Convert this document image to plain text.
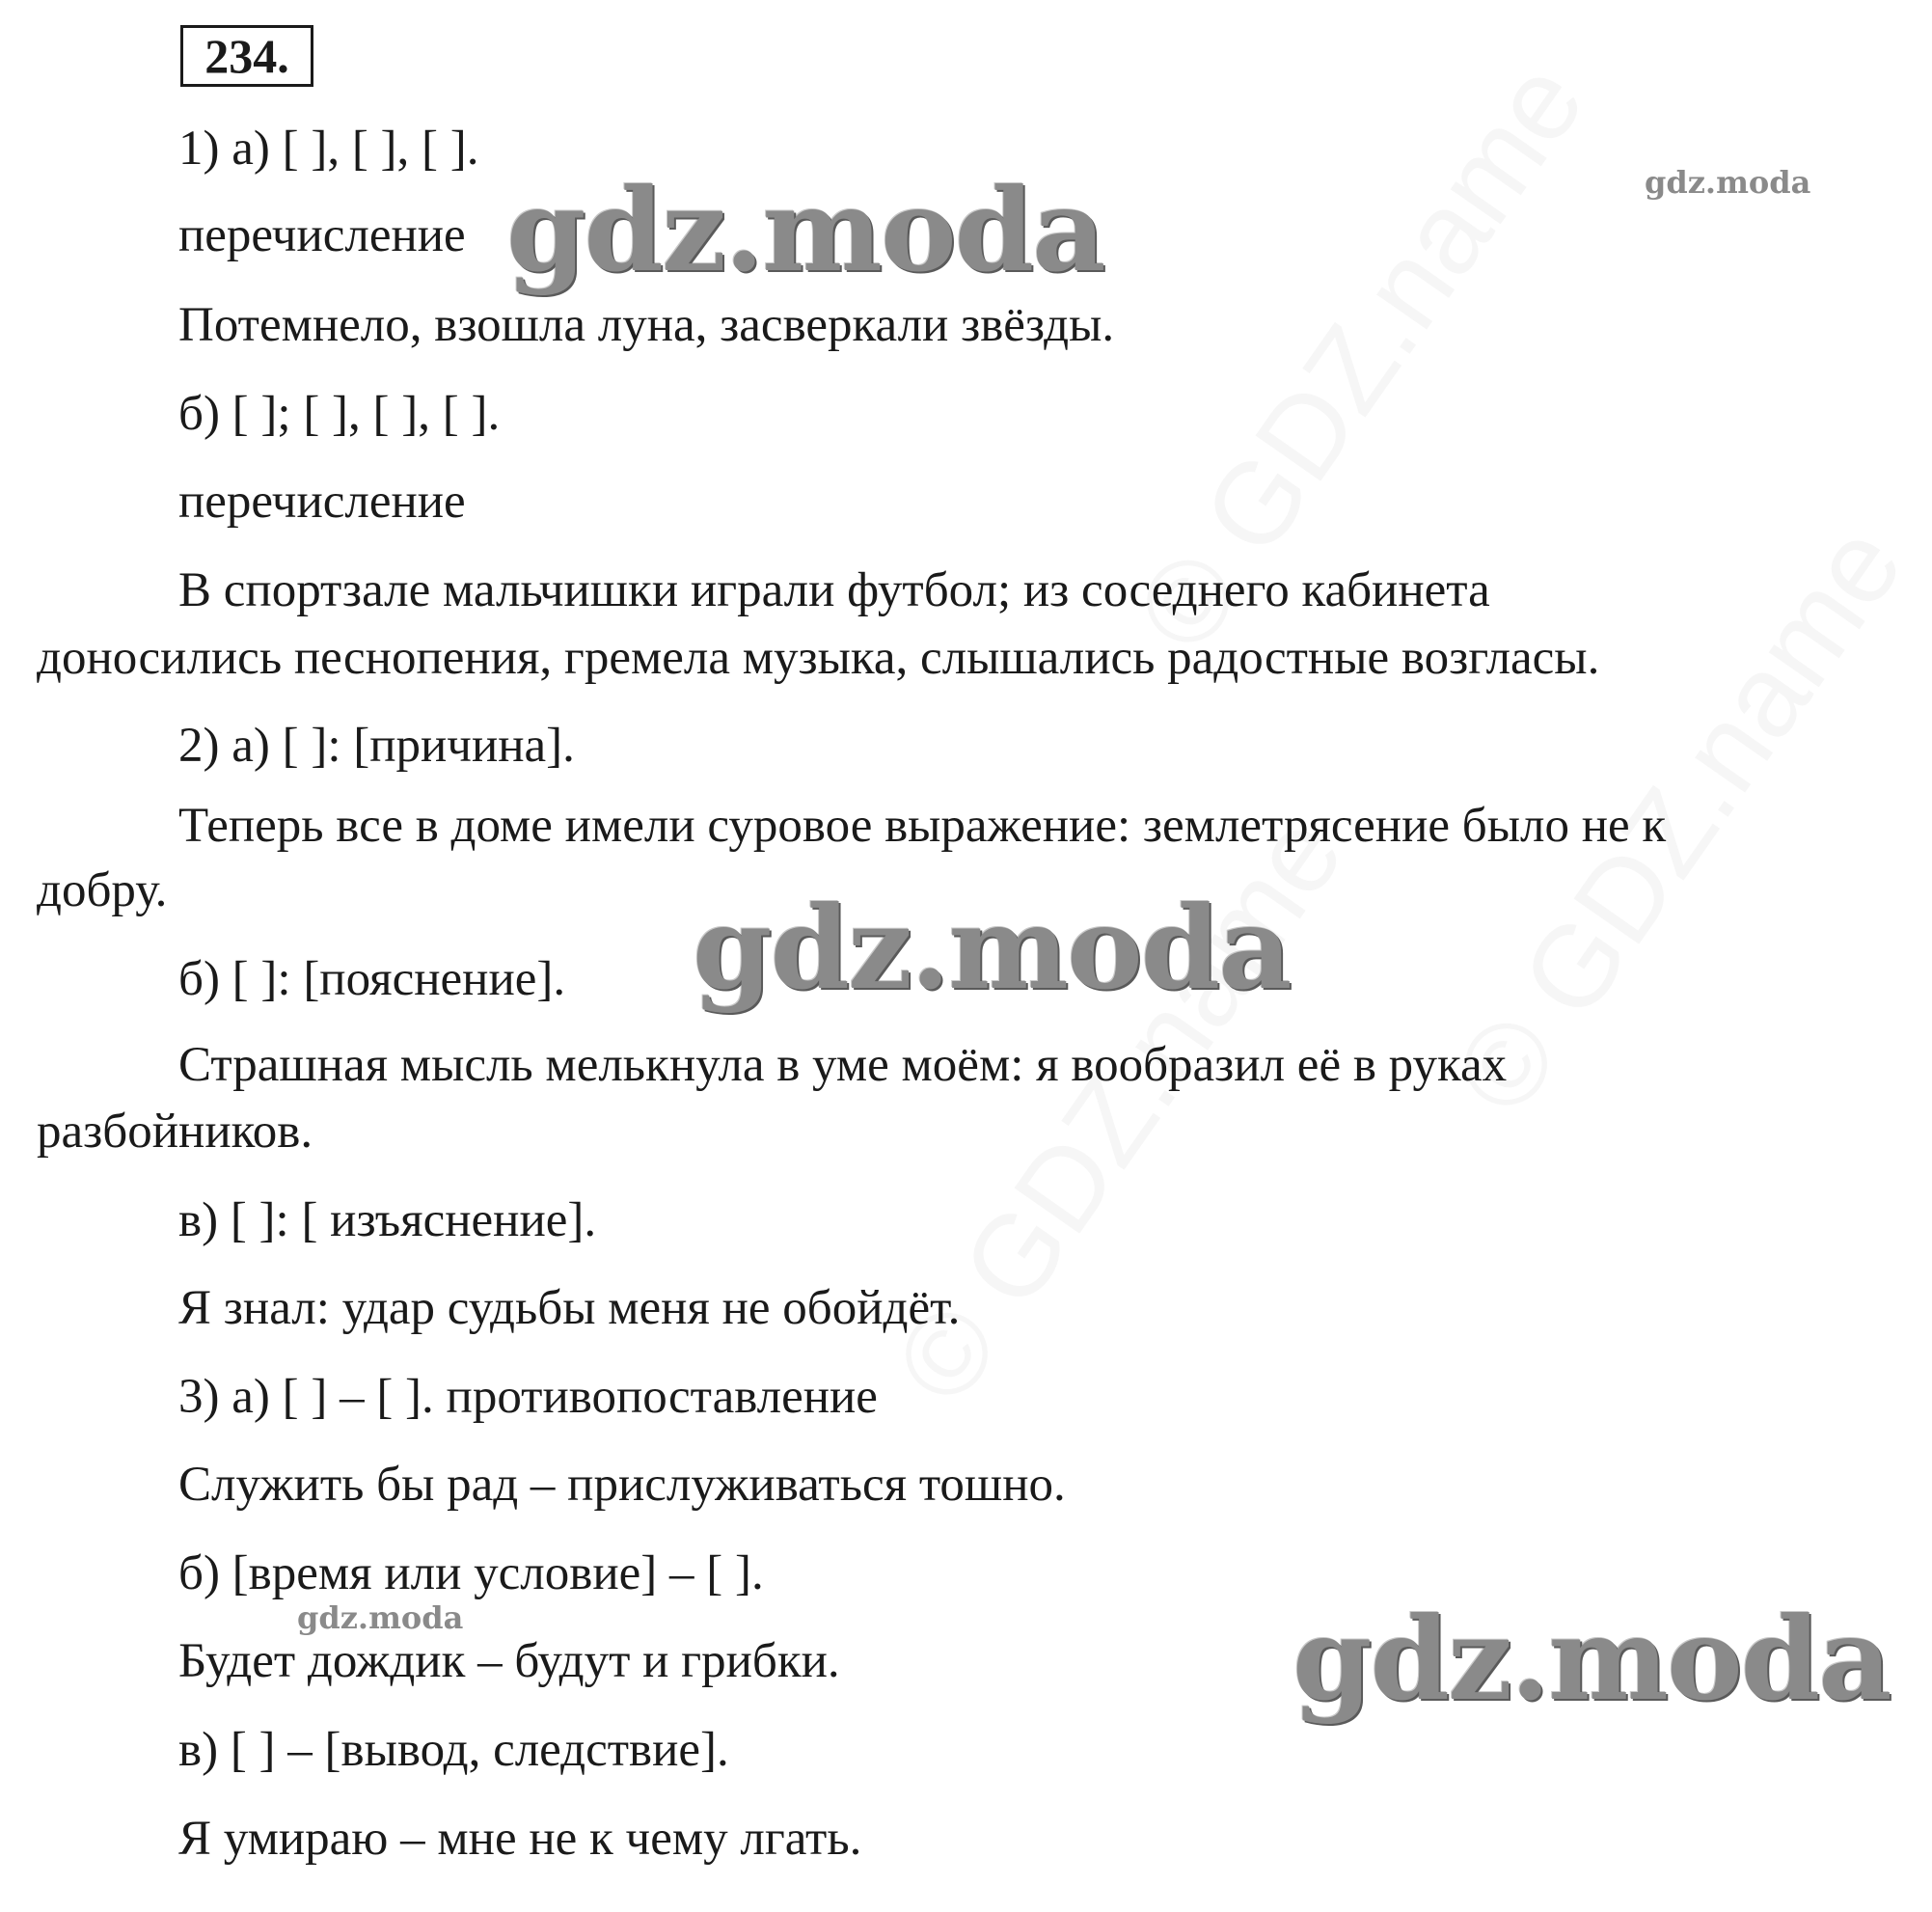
234.
1) а) [ ], [ ], [ ].
перечисление
Потемнело, взошла луна, засверкали звёзды.
б) [ ]; [ ], [ ], [ ].
перечисление
В спортзале мальчишки играли футбол; из соседнего кабинета
доносились песнопения, гремела музыка, слышались радостные возгласы.
2) а) [ ]: [причина].
Теперь все в доме имели суровое выражение: землетрясение было не к
добру.
б) [ ]: [пояснение].
Страшная мысль мелькнула в уме моём: я вообразил её в руках
разбойников.
в) [ ]: [ изъяснение].
Я знал: удар судьбы меня не обойдёт.
3) а) [ ] – [ ]. противопоставление
Служить бы рад – прислуживаться тошно.
б) [время или условие] – [ ].
Будет дождик – будут и грибки.
в) [ ] – [вывод, следствие].
Я умираю – мне не к чему лгать.
gdz.moda
gdz.moda
gdz.moda
gdz.moda
gdz.moda
